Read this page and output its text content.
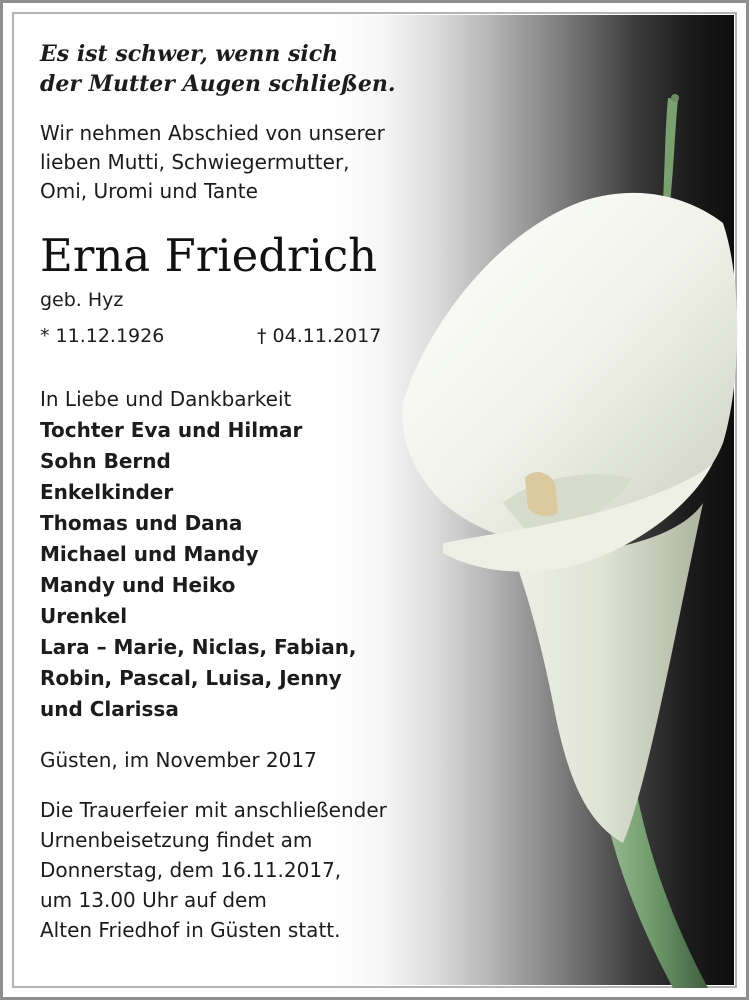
Es ist schwer, wenn sich
der Mutter Augen schließen.

Wir nehmen Abschied von unserer
lieben Mutti, Schwiegermutter,
Omi, Uromi und Tante
Erna Friedrich
geb. Hyz
* 11.12.1926	† 04.11.2017
In Liebe und Dankbarkeit
Tochter Eva und Hilmar
Sohn Bernd
Enkelkinder
Thomas und Dana
Michael und Mandy
Mandy und Heiko
Urenkel
Lara – Marie, Niclas, Fabian,
Robin, Pascal, Luisa, Jenny
und Clarissa
Güsten, im November 2017
Die Trauerfeier mit anschließender
Urnenbeisetzung findet am
Donnerstag, dem 16.11.2017,
um 13.00 Uhr auf dem
Alten Friedhof in Güsten statt.
